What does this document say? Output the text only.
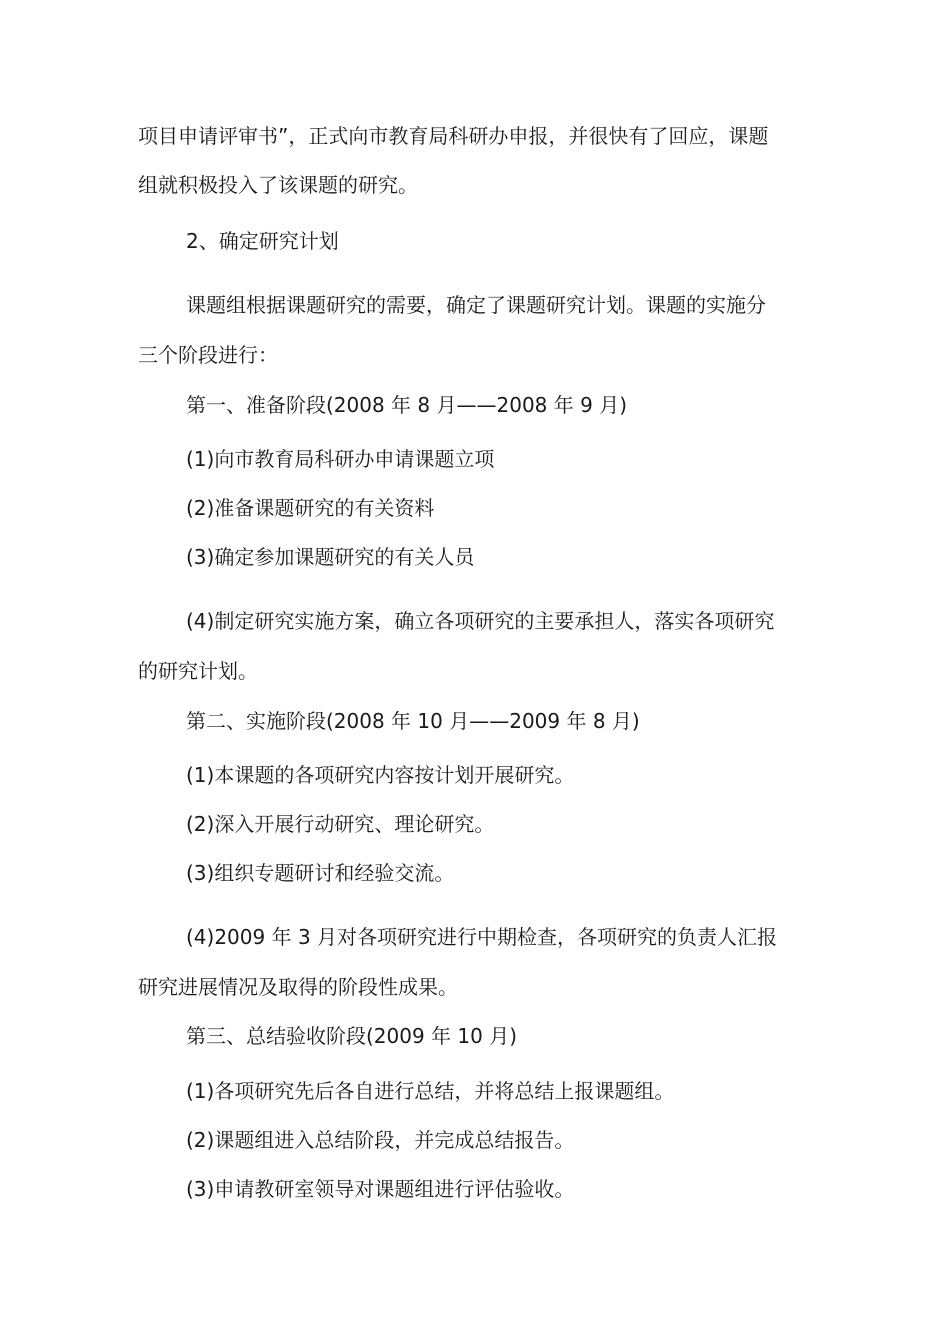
项目申请评审书”，正式向市教育局科研办申报，并很快有了回应，课题

组就积极投入了该课题的研究。

2、确定研究计划

课题组根据课题研究的需要，确定了课题研究计划。课题的实施分

三个阶段进行：

第一、准备阶段(2008 年 8 月——2008 年 9 月)

(1)向市教育局科研办申请课题立项

(2)准备课题研究的有关资料

(3)确定参加课题研究的有关人员

(4)制定研究实施方案，确立各项研究的主要承担人，落实各项研究

的研究计划。

第二、实施阶段(2008 年 10 月——2009 年 8 月)

(1)本课题的各项研究内容按计划开展研究。

(2)深入开展行动研究、理论研究。

(3)组织专题研讨和经验交流。

(4)2009 年 3 月对各项研究进行中期检查，各项研究的负责人汇报

研究进展情况及取得的阶段性成果。

第三、总结验收阶段(2009 年 10 月)

(1)各项研究先后各自进行总结，并将总结上报课题组。

(2)课题组进入总结阶段，并完成总结报告。

(3)申请教研室领导对课题组进行评估验收。
